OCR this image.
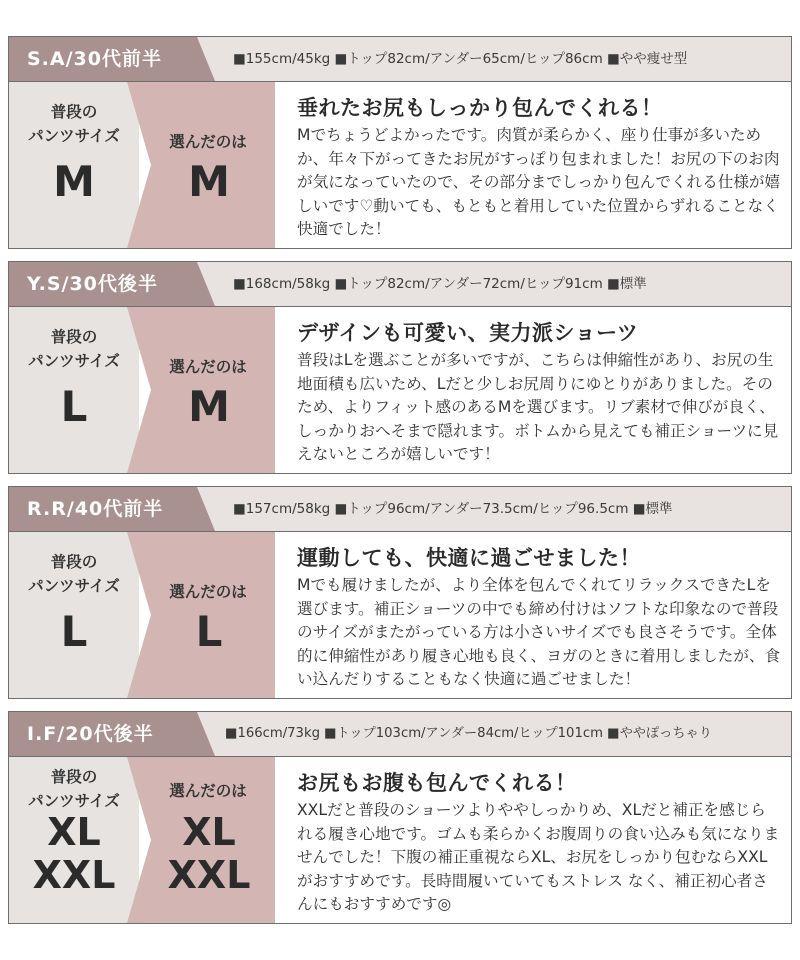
S.A/30代前半	■155cm/45kg ■トップ82cm/アンダー65cm/ヒップ86cm ■やや痩せ型
普段の
パンツサイズ
M
選んだのは
M
垂れたお尻もしっかり包んでくれる！
Mでちょうどよかったです。肉質が柔らかく、座り仕事が多いためか、年々下がってきたお尻がすっぽり包まれました！お尻の下のお肉が気になっていたので、その部分までしっかり包んでくれる仕様が嬉しいです♡動いても、もともと着用していた位置からずれることなく快適でした！
Y.S/30代後半	■168cm/58kg ■トップ82cm/アンダー72cm/ヒップ91cm ■標準
普段の
パンツサイズ
L
選んだのは
M
デザインも可愛い、実力派ショーツ
普段はLを選ぶことが多いですが、こちらは伸縮性があり、お尻の生地面積も広いため、Lだと少しお尻周りにゆとりがありました。そのため、よりフィット感のあるMを選びます。リブ素材で伸びが良く、しっかりおへそまで隠れます。ボトムから見えても補正ショーツに見えないところが嬉しいです！
R.R/40代前半	■157cm/58kg ■トップ96cm/アンダー73.5cm/ヒップ96.5cm ■標準
普段の
パンツサイズ
L
選んだのは
L
運動しても、快適に過ごせました！
Mでも履けましたが、より全体を包んでくれてリラックスできたLを選びます。補正ショーツの中でも締め付けはソフトな印象なので普段のサイズがまたがっている方は小さいサイズでも良さそうです。全体的に伸縮性があり履き心地も良く、ヨガのときに着用しましたが、食い込んだりすることもなく快適に過ごせました！
I.F/20代後半	■166cm/73kg ■トップ103cm/アンダー84cm/ヒップ101cm ■ややぽっちゃり
普段の
パンツサイズ
XL
XXL
選んだのは
XL
XXL
お尻もお腹も包んでくれる！
XXLだと普段のショーツよりややしっかりめ、XLだと補正を感じられる履き心地です。ゴムも柔らかくお腹周りの食い込みも気になりませんでした！下腹の補正重視ならXL、お尻をしっかり包むならXXLがおすすめです。長時間履いていてもストレス なく、補正初心者さんにもおすすめです◎
